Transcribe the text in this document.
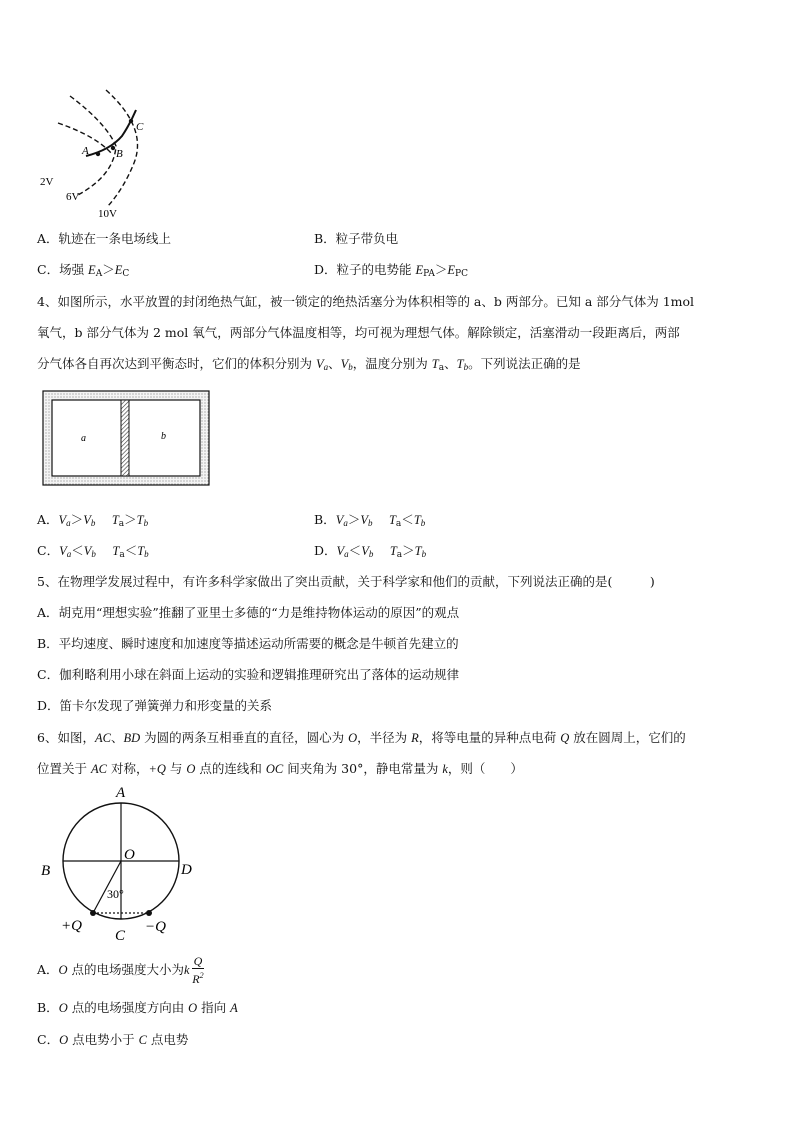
A B
C
2V
6V
10V
A．轨迹在一条电场线上	B．粒子带负电
C．场强 $E_A>E_C$	D．粒子的电势能 $E_{PA}>E_{PC}$
4、如图所示，水平放置的封闭绝热气缸，被一锁定的绝热活塞分为体积相等的 a、b 两部分。已知 a 部分气体为 1mol
氧气，b 部分气体为 2 mol 氧气，两部分气体温度相等，均可视为理想气体。解除锁定，活塞滑动一段距离后，两部
分气体各自再次达到平衡态时，它们的体积分别为 $V_a$、$V_b$，温度分别为 $T_a$、$T_b$。下列说法正确的是
a	b
A．$V_a>V_b$　 $T_a>T_b$	B．$V_a>V_b$　 $T_a<T_b$
C．$V_a<V_b$　 $T_a<T_b$	D．$V_a<V_b$　 $T_a>T_b$
5、在物理学发展过程中，有许多科学家做出了突出贡献，关于科学家和他们的贡献，下列说法正确的是(　　　)
A．胡克用“理想实验”推翻了亚里士多德的“力是维持物体运动的原因”的观点
B．平均速度、瞬时速度和加速度等描述运动所需要的概念是牛顿首先建立的
C．伽利略利用小球在斜面上运动的实验和逻辑推理研究出了落体的运动规律
D．笛卡尔发现了弹簧弹力和形变量的关系
6、如图，AC、BD 为圆的两条互相垂直的直径，圆心为 O，半径为 R，将等电量的异种点电荷 Q 放在圆周上，它们的
位置关于 AC 对称，+Q 与 O 点的连线和 OC 间夹角为 30°，静电常量为 k，则（　　）
A
B	D
O
30°
C
+Q	−Q
A．O 点的电场强度大小为k $\frac{Q}{R^2}$
B．O 点的电场强度方向由 O 指向 A
C．O 点电势小于 C 点电势
